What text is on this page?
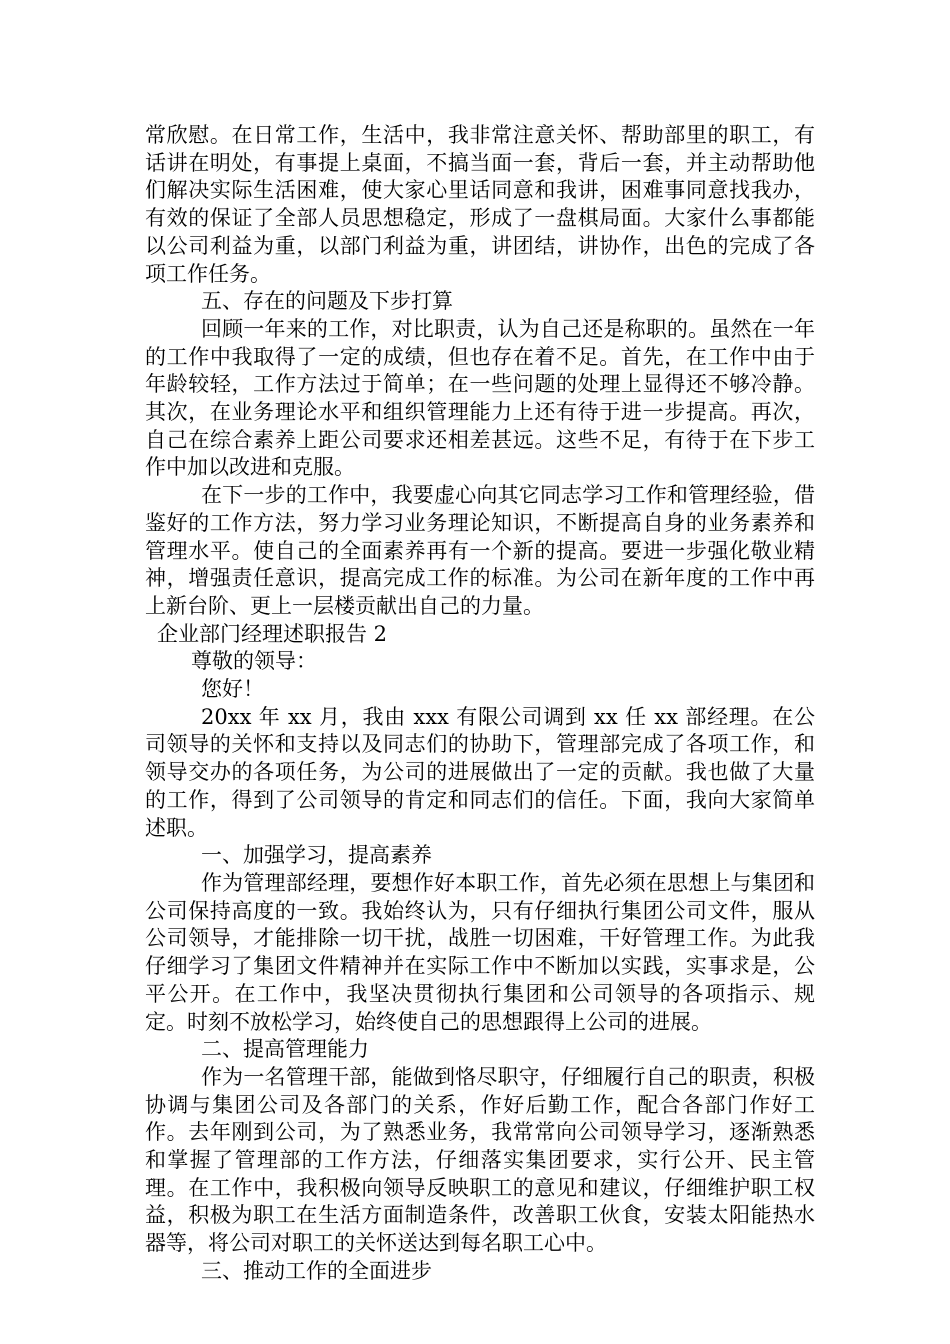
常欣慰。在日常工作，生活中，我非常注意关怀、帮助部里的职工，有话讲在明处，有事提上桌面，不搞当面一套，背后一套，并主动帮助他们解决实际生活困难，使大家心里话同意和我讲，困难事同意找我办，有效的保证了全部人员思想稳定，形成了一盘棋局面。大家什么事都能以公司利益为重，以部门利益为重，讲团结，讲协作，出色的完成了各项工作任务。

五、存在的问题及下步打算

回顾一年来的工作，对比职责，认为自己还是称职的。虽然在一年的工作中我取得了一定的成绩，但也存在着不足。首先，在工作中由于年龄较轻，工作方法过于简单；在一些问题的处理上显得还不够冷静。其次，在业务理论水平和组织管理能力上还有待于进一步提高。再次，自己在综合素养上距公司要求还相差甚远。这些不足，有待于在下步工作中加以改进和克服。

在下一步的工作中，我要虚心向其它同志学习工作和管理经验，借鉴好的工作方法，努力学习业务理论知识，不断提高自身的业务素养和管理水平。使自己的全面素养再有一个新的提高。要进一步强化敬业精神，增强责任意识，提高完成工作的标准。为公司在新年度的工作中再上新台阶、更上一层楼贡献出自己的力量。

企业部门经理述职报告 2

尊敬的领导：

您好！

20xx 年 xx 月，我由 xxx 有限公司调到 xx 任 xx 部经理。在公司领导的关怀和支持以及同志们的协助下，管理部完成了各项工作，和领导交办的各项任务，为公司的进展做出了一定的贡献。我也做了大量的工作，得到了公司领导的肯定和同志们的信任。下面，我向大家简单述职。

一、加强学习，提高素养

作为管理部经理，要想作好本职工作，首先必须在思想上与集团和公司保持高度的一致。我始终认为，只有仔细执行集团公司文件，服从公司领导，才能排除一切干扰，战胜一切困难，干好管理工作。为此我仔细学习了集团文件精神并在实际工作中不断加以实践，实事求是，公平公开。在工作中，我坚决贯彻执行集团和公司领导的各项指示、规定。时刻不放松学习，始终使自己的思想跟得上公司的进展。

二、提高管理能力

作为一名管理干部，能做到恪尽职守，仔细履行自己的职责，积极协调与集团公司及各部门的关系，作好后勤工作，配合各部门作好工作。去年刚到公司，为了熟悉业务，我常常向公司领导学习，逐渐熟悉和掌握了管理部的工作方法，仔细落实集团要求，实行公开、民主管理。在工作中，我积极向领导反映职工的意见和建议，仔细维护职工权益，积极为职工在生活方面制造条件，改善职工伙食，安装太阳能热水器等，将公司对职工的关怀送达到每名职工心中。

三、推动工作的全面进步
